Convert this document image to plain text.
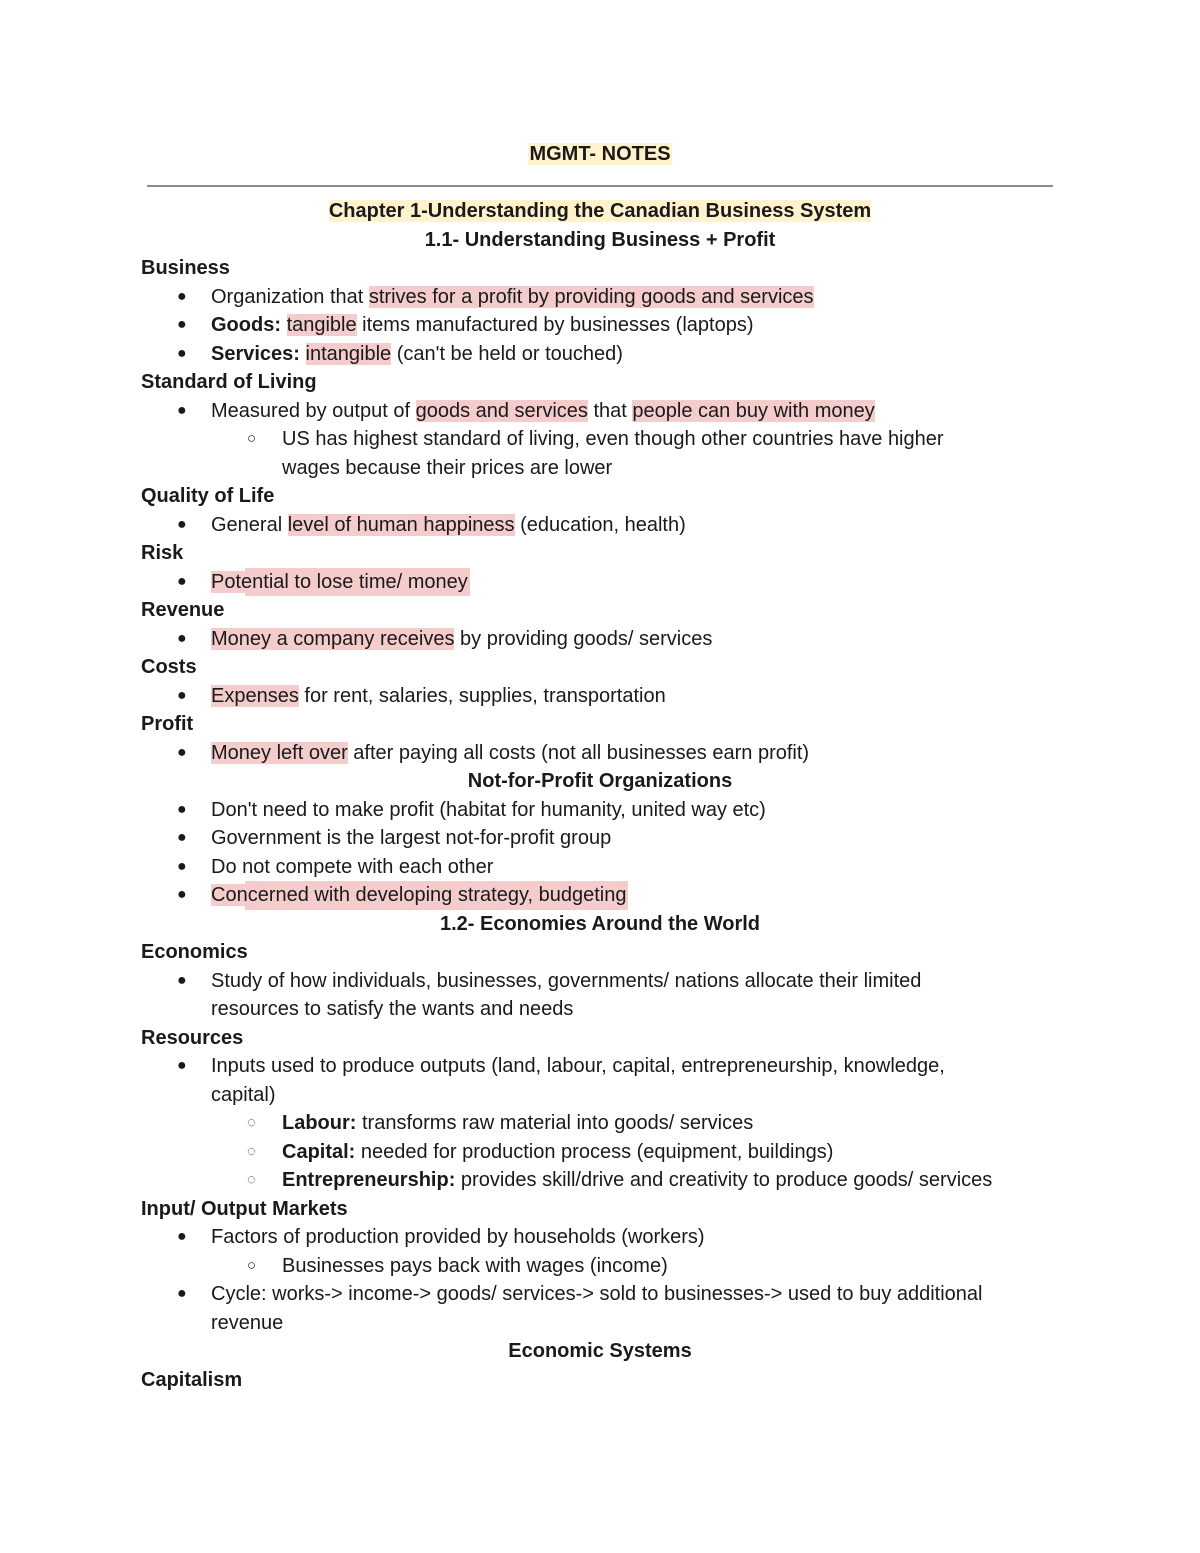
MGMT- NOTES
Chapter 1-Understanding the Canadian Business System
1.1- Understanding Business + Profit
Business
● Organization that strives for a profit by providing goods and services
● Goods: tangible items manufactured by businesses (laptops)
● Services: intangible (can't be held or touched)
Standard of Living
● Measured by output of goods and services that people can buy with money
○ US has highest standard of living, even though other countries have higher
wages because their prices are lower
Quality of Life
● General level of human happiness (education, health)
Risk
● Potential to lose time/ money
Revenue
● Money a company receives by providing goods/ services
Costs
● Expenses for rent, salaries, supplies, transportation
Profit
● Money left over after paying all costs (not all businesses earn profit)
Not-for-Profit Organizations
● Don't need to make profit (habitat for humanity, united way etc)
● Government is the largest not-for-profit group
● Do not compete with each other
● Concerned with developing strategy, budgeting
1.2- Economies Around the World
Economics
● Study of how individuals, businesses, governments/ nations allocate their limited
resources to satisfy the wants and needs
Resources
● Inputs used to produce outputs (land, labour, capital, entrepreneurship, knowledge,
capital)
◌ Labour: transforms raw material into goods/ services
◌ Capital: needed for production process (equipment, buildings)
◌ Entrepreneurship: provides skill/drive and creativity to produce goods/ services
Input/ Output Markets
● Factors of production provided by households (workers)
○ Businesses pays back with wages (income)
● Cycle: works-> income-> goods/ services-> sold to businesses-> used to buy additional
revenue
Economic Systems
Capitalism
